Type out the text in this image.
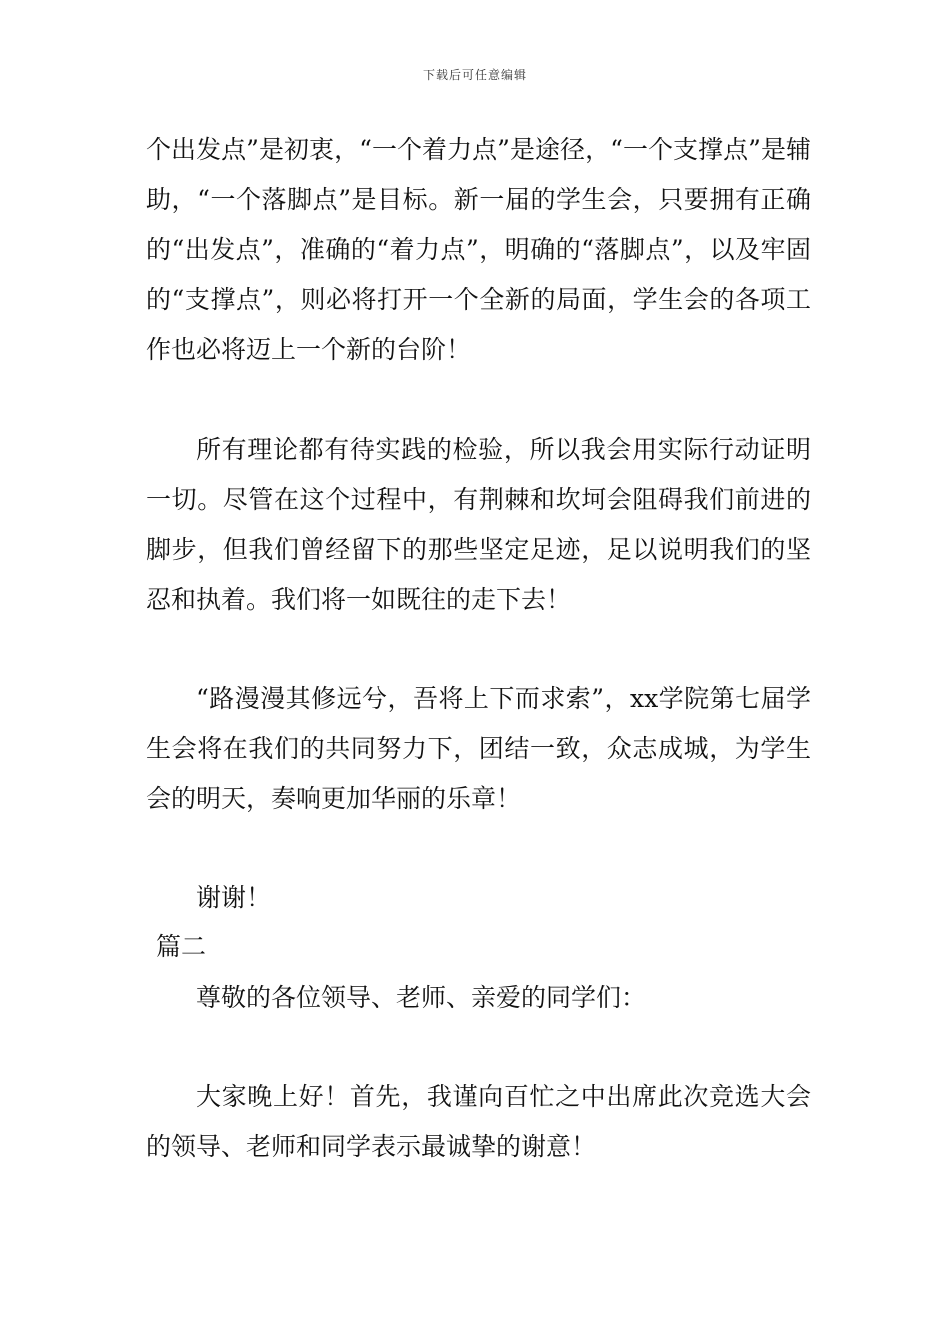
下载后可任意编辑

个出发点”是初衷，“一个着力点”是途径，“一个支撑点”是辅助，“一个落脚点”是目标。新一届的学生会，只要拥有正确的“出发点”，准确的“着力点”，明确的“落脚点”，以及牢固的“支撑点”，则必将打开一个全新的局面，学生会的各项工作也必将迈上一个新的台阶！

所有理论都有待实践的检验，所以我会用实际行动证明一切。尽管在这个过程中，有荆棘和坎坷会阻碍我们前进的脚步，但我们曾经留下的那些坚定足迹，足以说明我们的坚忍和执着。我们将一如既往的走下去！

“路漫漫其修远兮，吾将上下而求索”，xx学院第七届学生会将在我们的共同努力下，团结一致，众志成城，为学生会的明天，奏响更加华丽的乐章！

谢谢！

篇二

尊敬的各位领导、老师、亲爱的同学们：

大家晚上好！首先，我谨向百忙之中出席此次竞选大会的领导、老师和同学表示最诚挚的谢意！
